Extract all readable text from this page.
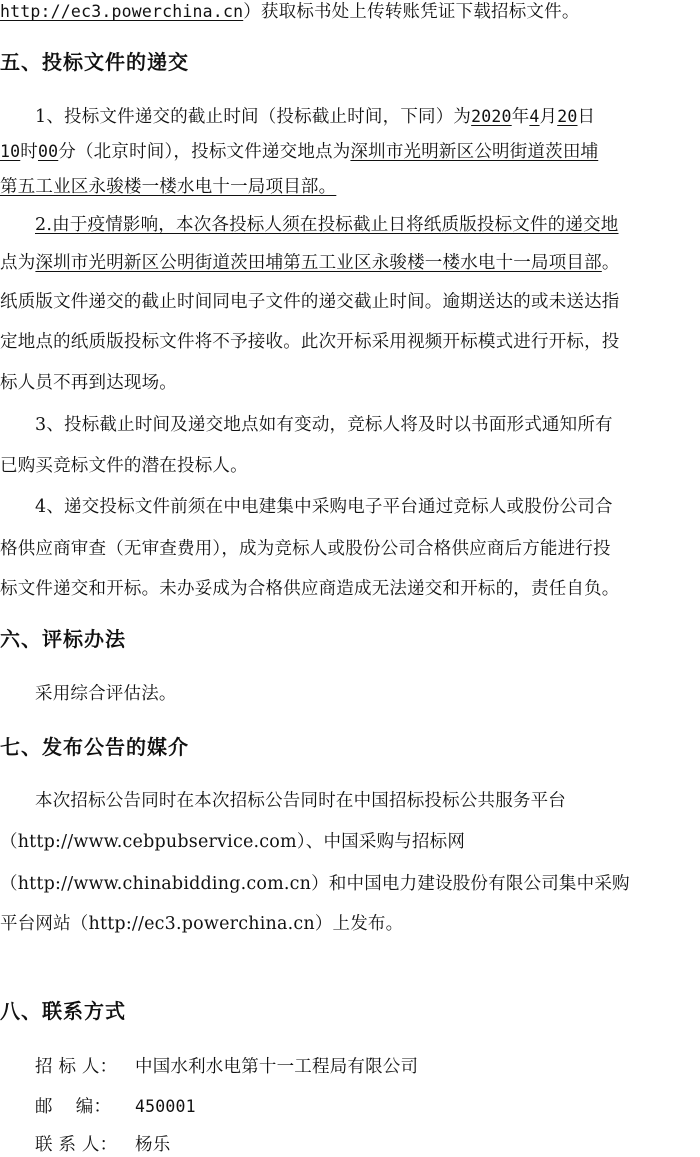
http://ec3.powerchina.cn）获取标书处上传转账凭证下载招标文件。
五、投标文件的递交
1、投标文件递交的截止时间（投标截止时间，下同）为2020年4月20日
10时00分（北京时间），投标文件递交地点为深圳市光明新区公明街道茨田埔
第五工业区永骏楼一楼水电十一局项目部。
2.由于疫情影响，本次各投标人须在投标截止日将纸质版投标文件的递交地
点为深圳市光明新区公明街道茨田埔第五工业区永骏楼一楼水电十一局项目部。
纸质版文件递交的截止时间同电子文件的递交截止时间。逾期送达的或未送达指
定地点的纸质版投标文件将不予接收。此次开标采用视频开标模式进行开标，投
标人员不再到达现场。
3、投标截止时间及递交地点如有变动，竞标人将及时以书面形式通知所有
已购买竞标文件的潜在投标人。
4、递交投标文件前须在中电建集中采购电子平台通过竞标人或股份公司合
格供应商审查（无审查费用），成为竞标人或股份公司合格供应商后方能进行投
标文件递交和开标。未办妥成为合格供应商造成无法递交和开标的，责任自负。
六、评标办法
采用综合评估法。
七、发布公告的媒介
本次招标公告同时在本次招标公告同时在中国招标投标公共服务平台
（http://www.cebpubservice.com）、中国采购与招标网
（http://www.chinabidding.com.cn）和中国电力建设股份有限公司集中采购
平台网站（http://ec3.powerchina.cn）上发布。
八、联系方式
招 标 人： 中国水利水电第十一工程局有限公司
邮    编： 450001
联 系 人： 杨乐
